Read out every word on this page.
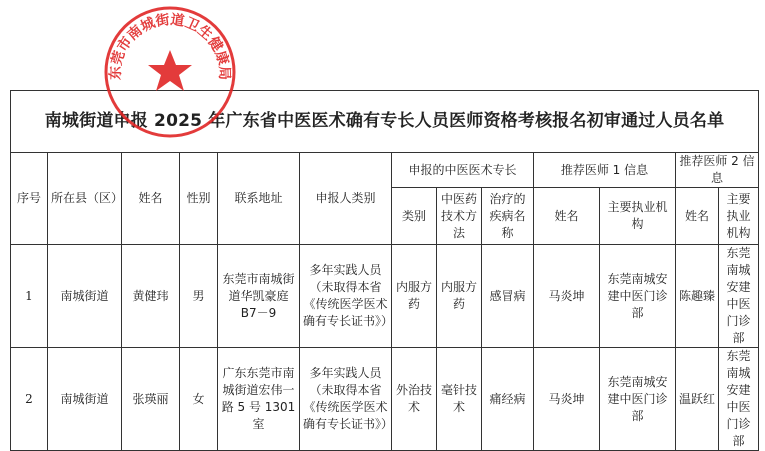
东莞市南城街道卫生健康局
南城街道申报 2025 年广东省中医医术确有专长人员医师资格考核报名初审通过人员名单												
序号	所在县（区）	姓名	性别	联系地址	申报人类别	申报的中医医术专长			推荐医师 1 信息		推荐医师 2 信息	
						类别	中医药技术方法	治疗的疾病名称	姓名	主要执业机构	姓名	主要执业机构
1	南城街道	黄健玮	男	东莞市南城街道华凯豪庭B7－9	多年实践人员（未取得本省《传统医学医术确有专长证书》）	内服方药	内服方药	感冒病	马炎坤	东莞南城安建中医门诊部	陈趣臻	东莞南城安建中医门诊部
2	南城街道	张瑛丽	女	广东东莞市南城街道宏伟一路 5 号 1301 室	多年实践人员（未取得本省《传统医学医术确有专长证书》）	外治技术	毫针技术	痛经病	马炎坤	东莞南城安建中医门诊部	温跃红	东莞南城安建中医门诊部
